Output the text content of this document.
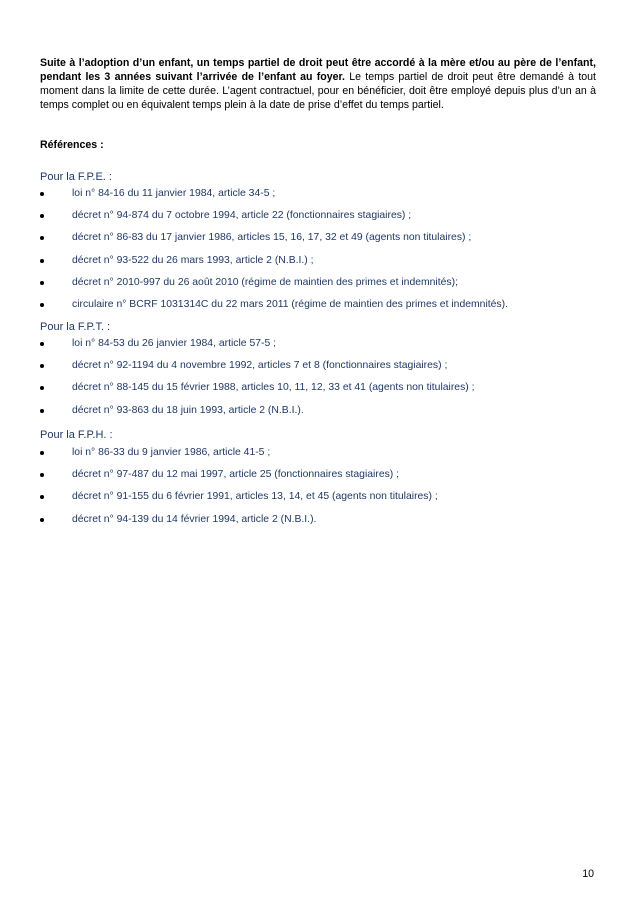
Suite à l’adoption d’un enfant, un temps partiel de droit peut être accordé à la mère et/ou au père de l’enfant, pendant les 3 années suivant l’arrivée de l’enfant au foyer. Le temps partiel de droit peut être demandé à tout moment dans la limite de cette durée. L’agent contractuel, pour en bénéficier, doit être employé depuis plus d’un an à temps complet ou en équivalent temps plein à la date de prise d’effet du temps partiel.

Références :

Pour la F.P.E. :

loi n° 84-16 du 11 janvier 1984, article 34-5 ;
décret n° 94-874 du 7 octobre 1994, article 22 (fonctionnaires stagiaires) ;
décret n° 86-83 du 17 janvier 1986, articles 15, 16, 17, 32 et 49 (agents non titulaires) ;
décret n° 93-522 du 26 mars 1993, article 2 (N.B.I.) ;
décret n° 2010-997 du 26 août 2010 (régime de maintien des primes et indemnités);
circulaire n° BCRF 1031314C du 22 mars 2011 (régime de maintien des primes et indemnités).

Pour la F.P.T. :

loi n° 84-53 du 26 janvier 1984, article 57-5 ;
décret n° 92-1194 du 4 novembre 1992, articles 7 et 8 (fonctionnaires stagiaires) ;
décret n° 88-145 du 15 février 1988, articles 10, 11, 12, 33 et 41 (agents non titulaires) ;
décret n° 93-863 du 18 juin 1993, article 2 (N.B.I.).

Pour la F.P.H. :

loi n° 86-33 du 9 janvier 1986, article 41-5 ;
décret n° 97-487 du 12 mai 1997, article 25 (fonctionnaires stagiaires) ;
décret n° 91-155 du 6 février 1991, articles 13, 14, et 45 (agents non titulaires) ;
décret n° 94-139 du 14 février 1994, article 2 (N.B.I.).

10
